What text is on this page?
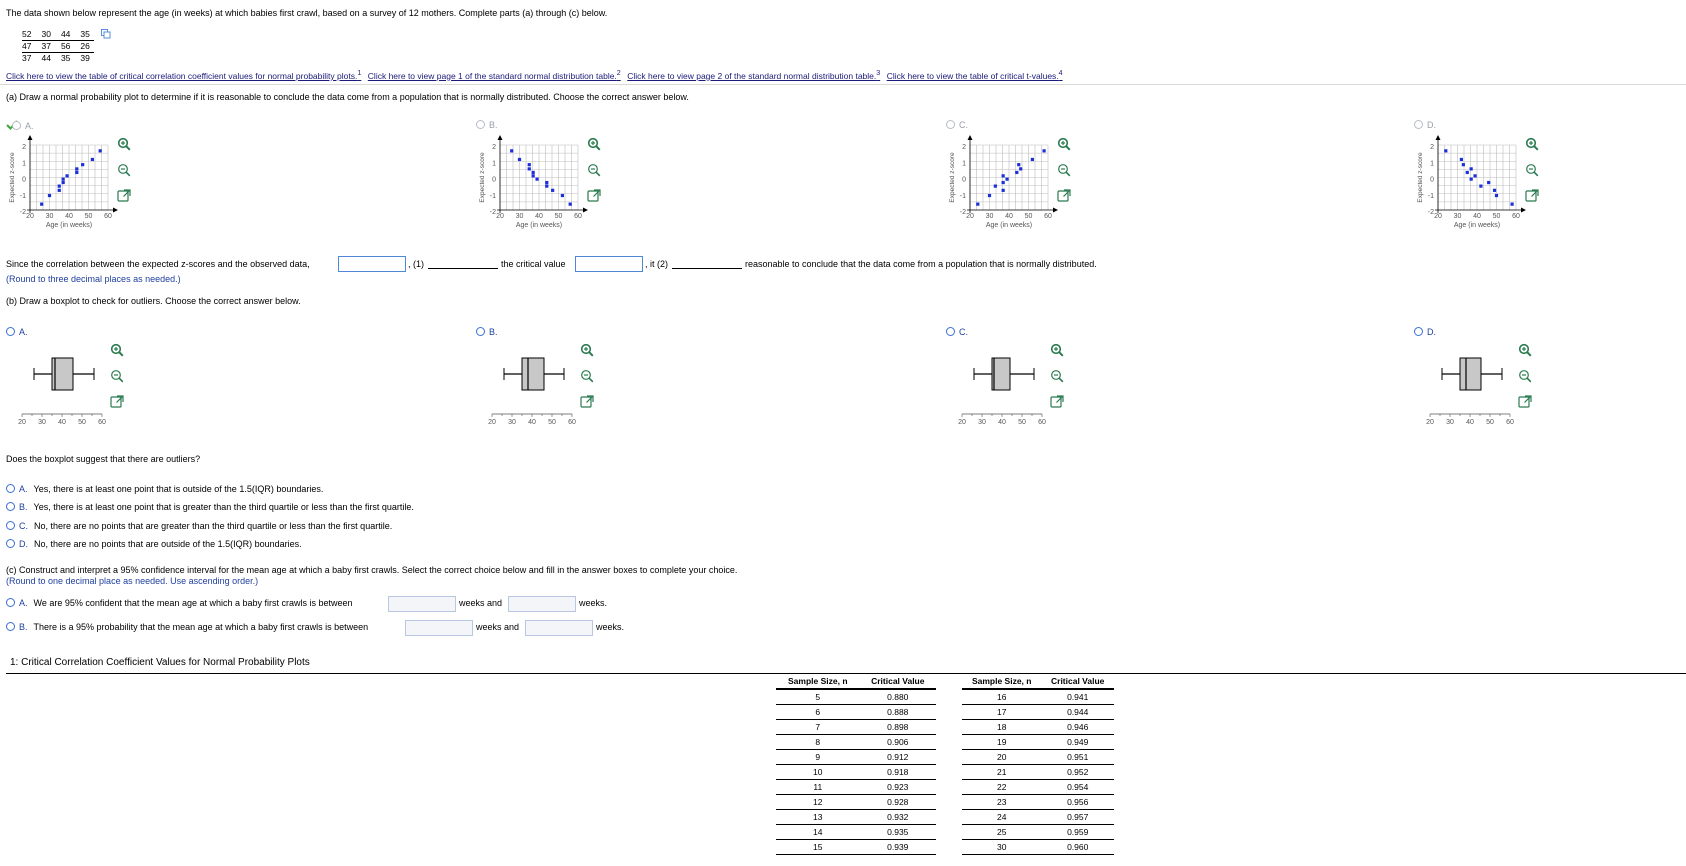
The data shown below represent the age (in weeks) at which babies first crawl, based on a survey of 12 mothers. Complete parts (a) through (c) below.
52	30	44	35
47	37	56	26
37	44	35	39
Click here to view the table of critical correlation coefficient values for normal probability plots.$^1$ Click here to view page 1 of the standard normal distribution table.$^2$ Click here to view page 2 of the standard normal distribution table.$^3$ Click here to view the table of critical t-values.$^4$
(a) Draw a normal probability plot to determine if it is reasonable to conclude the data come from a population that is normally distributed. Choose the correct answer below.
A.
2
1
0
-1
-2
20 30 40 50 60
Age (in weeks)
Expected z-score
B.
2
1
0
-1
-2
20 30 40 50 60
Age (in weeks)
Expected z-score
C.
2
1
0
-1
-2
20 30 40 50 60
Age (in weeks)
Expected z-score
D.
2
1
0
-1
-2
20 30 40 50 60
Age (in weeks)
Expected z-score
Since the correlation between the expected z-scores and the observed data,	, (1)	the critical value	, it (2)	reasonable to conclude that the data come from a population that is normally distributed.
(Round to three decimal places as needed.)
(b) Draw a boxplot to check for outliers. Choose the correct answer below.
A.
20 30 40 50 60
B.
20 30 40 50 60
C.
20 30 40 50 60
D.
20 30 40 50 60
Does the boxplot suggest that there are outliers?
A. Yes, there is at least one point that is outside of the 1.5(IQR) boundaries.
B. Yes, there is at least one point that is greater than the third quartile or less than the first quartile.
C. No, there are no points that are greater than the third quartile or less than the first quartile.
D. No, there are no points that are outside of the 1.5(IQR) boundaries.
(c) Construct and interpret a 95% confidence interval for the mean age at which a baby first crawls. Select the correct choice below and fill in the answer boxes to complete your choice.
(Round to one decimal place as needed. Use ascending order.)
A. We are 95% confident that the mean age at which a baby first crawls is between	weeks and	weeks.
B. There is a 95% probability that the mean age at which a baby first crawls is between	weeks and	weeks.
1: Critical Correlation Coefficient Values for Normal Probability Plots
Sample Size, n	Critical Value
5	0.880
6	0.888
7	0.898
8	0.906
9	0.912
10	0.918
11	0.923
12	0.928
13	0.932
14	0.935
15	0.939
Sample Size, n	Critical Value
16	0.941
17	0.944
18	0.946
19	0.949
20	0.951
21	0.952
22	0.954
23	0.956
24	0.957
25	0.959
30	0.960
